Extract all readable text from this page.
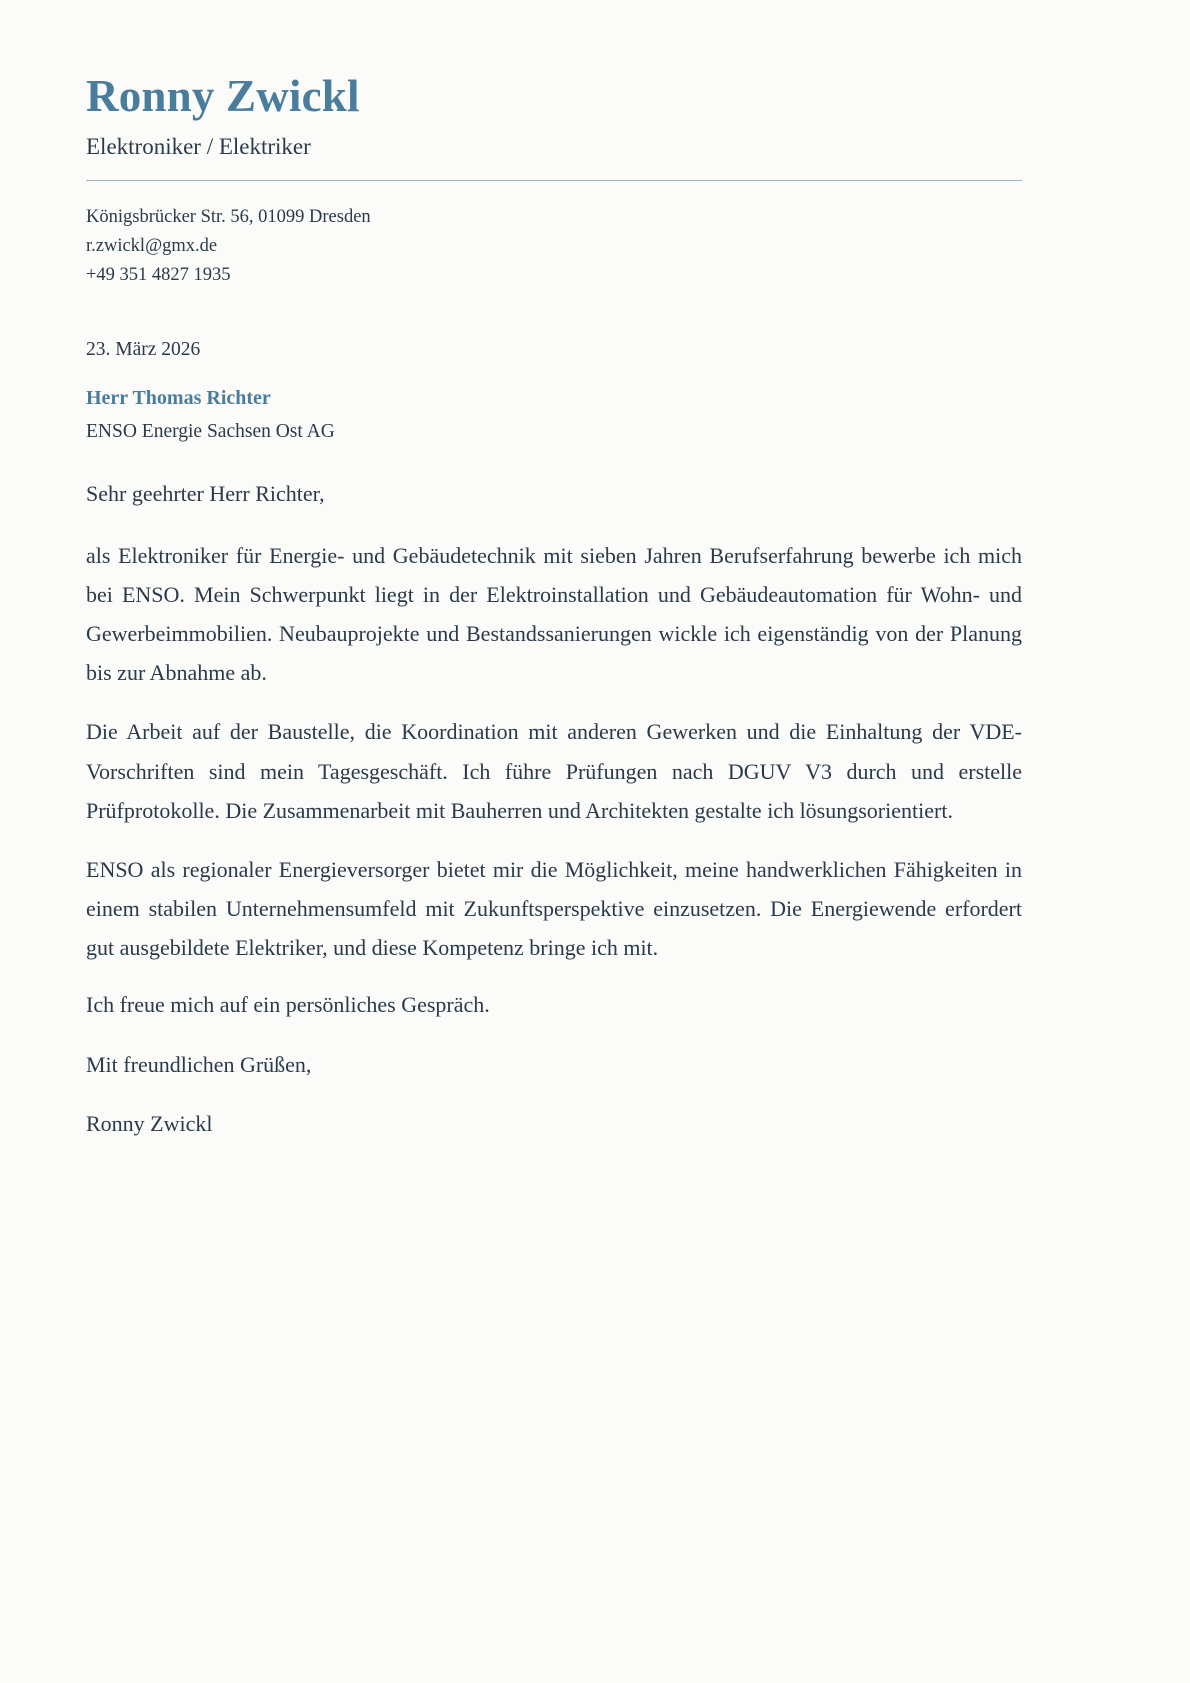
Ronny Zwickl
Elektroniker / Elektriker
Königsbrücker Str. 56, 01099 Dresden
r.zwickl@gmx.de
+49 351 4827 1935
23. März 2026
Herr Thomas Richter
ENSO Energie Sachsen Ost AG
Sehr geehrter Herr Richter,

als Elektroniker für Energie- und Gebäudetechnik mit sieben Jahren Berufserfahrung bewerbe ich mich bei ENSO. Mein Schwerpunkt liegt in der Elektroinstallation und Gebäudeautomation für Wohn- und Gewerbeimmobilien. Neubauprojekte und Bestandssanierungen wickle ich eigenständig von der Planung bis zur Abnahme ab.

Die Arbeit auf der Baustelle, die Koordination mit anderen Gewerken und die Einhaltung der VDE-Vorschriften sind mein Tagesgeschäft. Ich führe Prüfungen nach DGUV V3 durch und erstelle Prüfprotokolle. Die Zusammenarbeit mit Bauherren und Architekten gestalte ich lösungsorientiert.

ENSO als regionaler Energieversorger bietet mir die Möglichkeit, meine handwerklichen Fähigkeiten in einem stabilen Unternehmensumfeld mit Zukunftsperspektive einzusetzen. Die Energiewende erfordert gut ausgebildete Elektriker, und diese Kompetenz bringe ich mit.

Ich freue mich auf ein persönliches Gespräch.
Mit freundlichen Grüßen,
Ronny Zwickl
